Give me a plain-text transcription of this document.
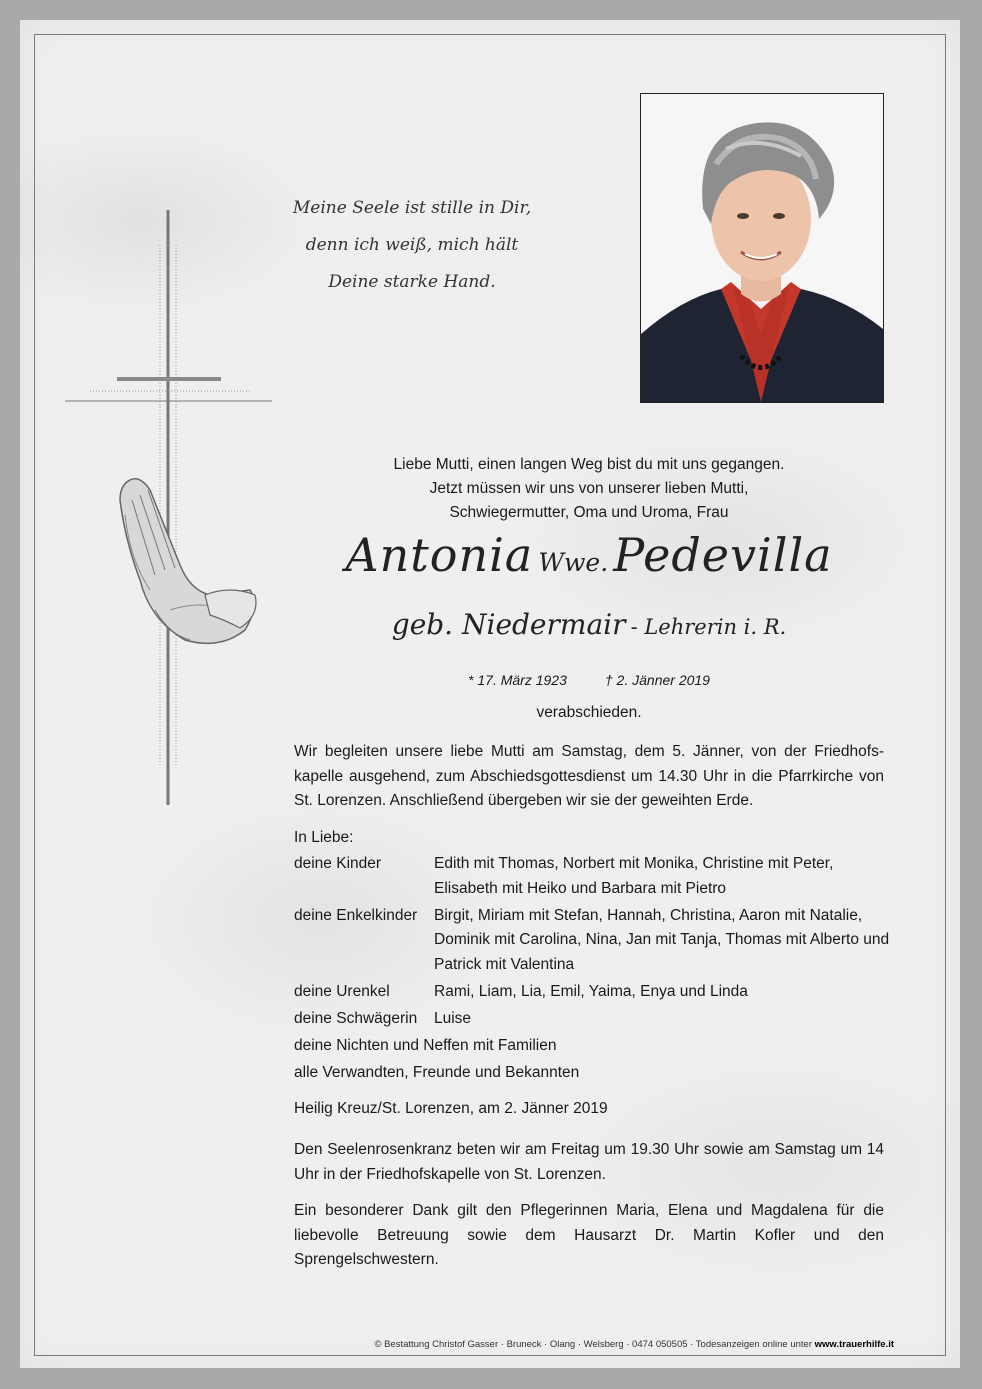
Meine Seele ist stille in Dir,
denn ich weiß, mich hält
Deine starke Hand.
Liebe Mutti, einen langen Weg bist du mit uns gegangen.
Jetzt müssen wir uns von unserer lieben Mutti,
Schwiegermutter, Oma und Uroma, Frau
Antonia Wwe. Pedevilla
geb. Niedermair - Lehrerin i. R.
* 17. März 1923	† 2. Jänner 2019
verabschieden.
Wir begleiten unsere liebe Mutti am Samstag, dem 5. Jänner, von der Friedhofs-kapelle ausgehend, zum Abschiedsgottesdienst um 14.30 Uhr in die Pfarrkirche von St. Lorenzen. Anschließend übergeben wir sie der geweihten Erde.
In Liebe:
deine Kinder	Edith mit Thomas, Norbert mit Monika, Christine mit Peter, Elisabeth mit Heiko und Barbara mit Pietro
deine Enkelkinder	Birgit, Miriam mit Stefan, Hannah, Christina, Aaron mit Natalie, Dominik mit Carolina, Nina, Jan mit Tanja, Thomas mit Alberto und Patrick mit Valentina
deine Urenkel	Rami, Liam, Lia, Emil, Yaima, Enya und Linda
deine Schwägerin	Luise
deine Nichten und Neffen mit Familien
alle Verwandten, Freunde und Bekannten
Heilig Kreuz/St. Lorenzen, am 2. Jänner 2019
Den Seelenrosenkranz beten wir am Freitag um 19.30 Uhr sowie am Samstag um 14 Uhr in der Friedhofskapelle von St. Lorenzen.
Ein besonderer Dank gilt den Pflegerinnen Maria, Elena und Magdalena für die liebevolle Betreuung sowie dem Hausarzt Dr. Martin Kofler und den Sprengelschwestern.
© Bestattung Christof Gasser · Bruneck · Olang · Welsberg · 0474 050505 · Todesanzeigen online unter www.trauerhilfe.it
